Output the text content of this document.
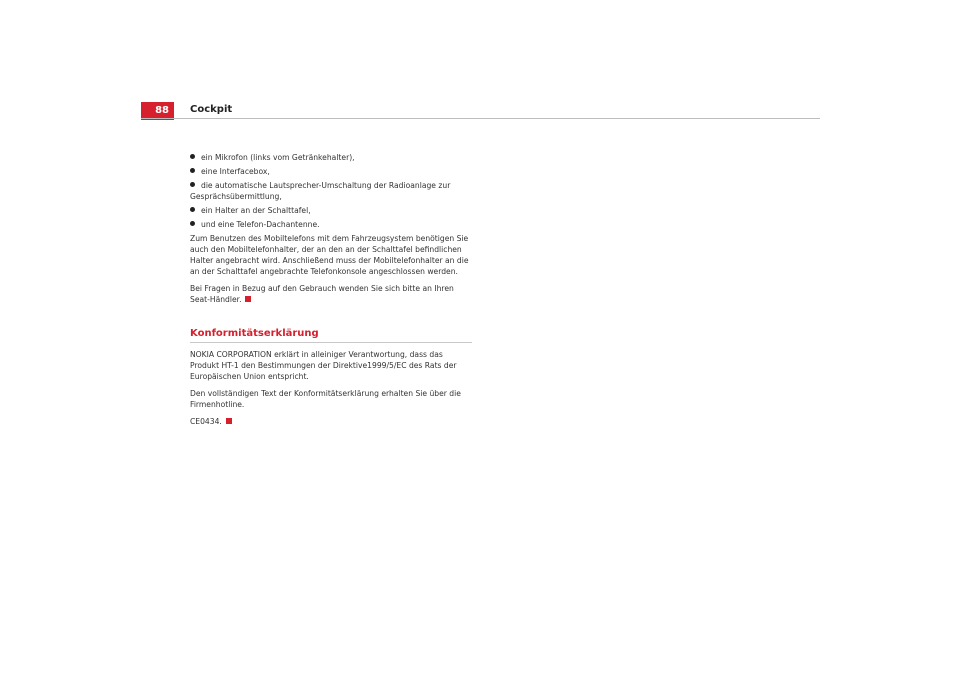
88	Cockpit
ein Mikrofon (links vom Getränkehalter),
eine Interfacebox,
die automatische Lautsprecher-Umschaltung der Radioanlage zur Gesprächsübermittlung,
ein Halter an der Schalttafel,
und eine Telefon-Dachantenne.

Zum Benutzen des Mobiltelefons mit dem Fahrzeugsystem benötigen Sie auch den Mobiltelefonhalter, der an den an der Schalttafel befindlichen Halter angebracht wird. Anschließend muss der Mobiltelefonhalter an die an der Schalttafel angebrachte Telefonkonsole angeschlossen werden.

Bei Fragen in Bezug auf den Gebrauch wenden Sie sich bitte an Ihren Seat-Händler.

Konformitätserklärung

NOKIA CORPORATION erklärt in alleiniger Verantwortung, dass das Produkt HT-1 den Bestimmungen der Direktive1999/5/EC des Rats der Europäischen Union entspricht.

Den vollständigen Text der Konformitätserklärung erhalten Sie über die Firmenhotline.

CE0434.
